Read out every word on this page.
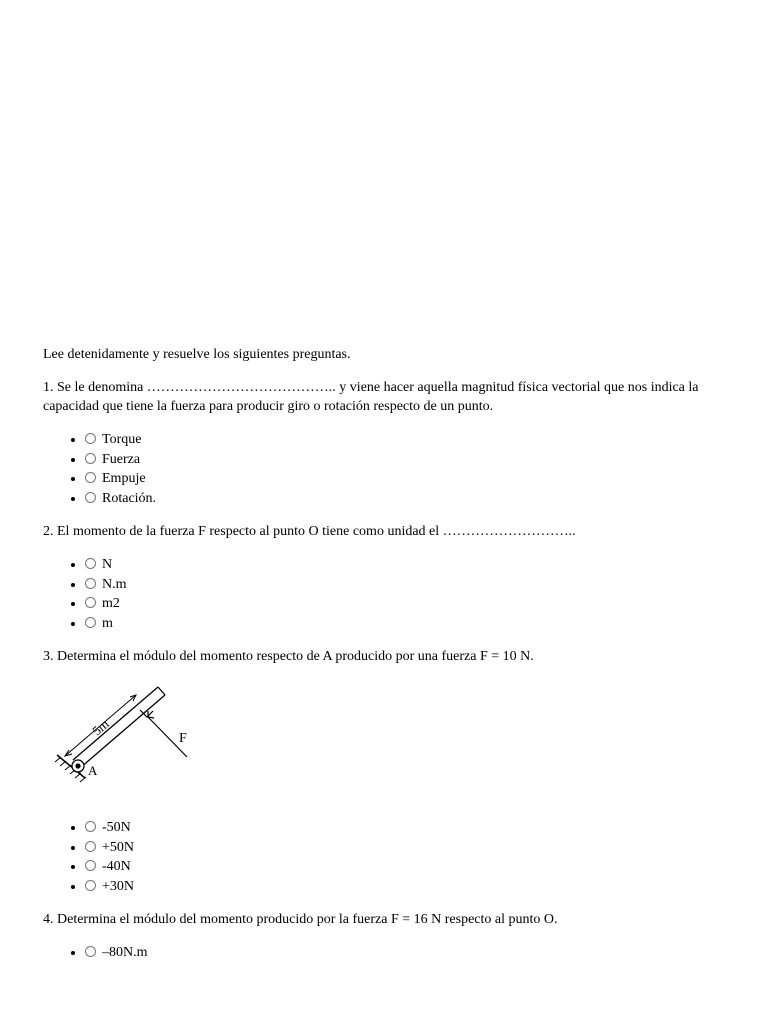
Lee detenidamente y resuelve los siguientes preguntas.

1. Se le denomina ………………………………….. y viene hacer aquella magnitud física vectorial que nos indica la capacidad que tiene la fuerza para producir giro o rotación respecto de un punto.

• Torque
• Fuerza
• Empuje
• Rotación.

2. El momento de la fuerza F respecto al punto O tiene como unidad el ………………………..

• N
• N.m
• m2
• m

3. Determina el módulo del momento respecto de A producido por una fuerza F = 10 N.

5m
F
A
• -50N
• +50N
• -40N
• +30N

4. Determina el módulo del momento producido por la fuerza F = 16 N respecto al punto O.

• –80N.m
